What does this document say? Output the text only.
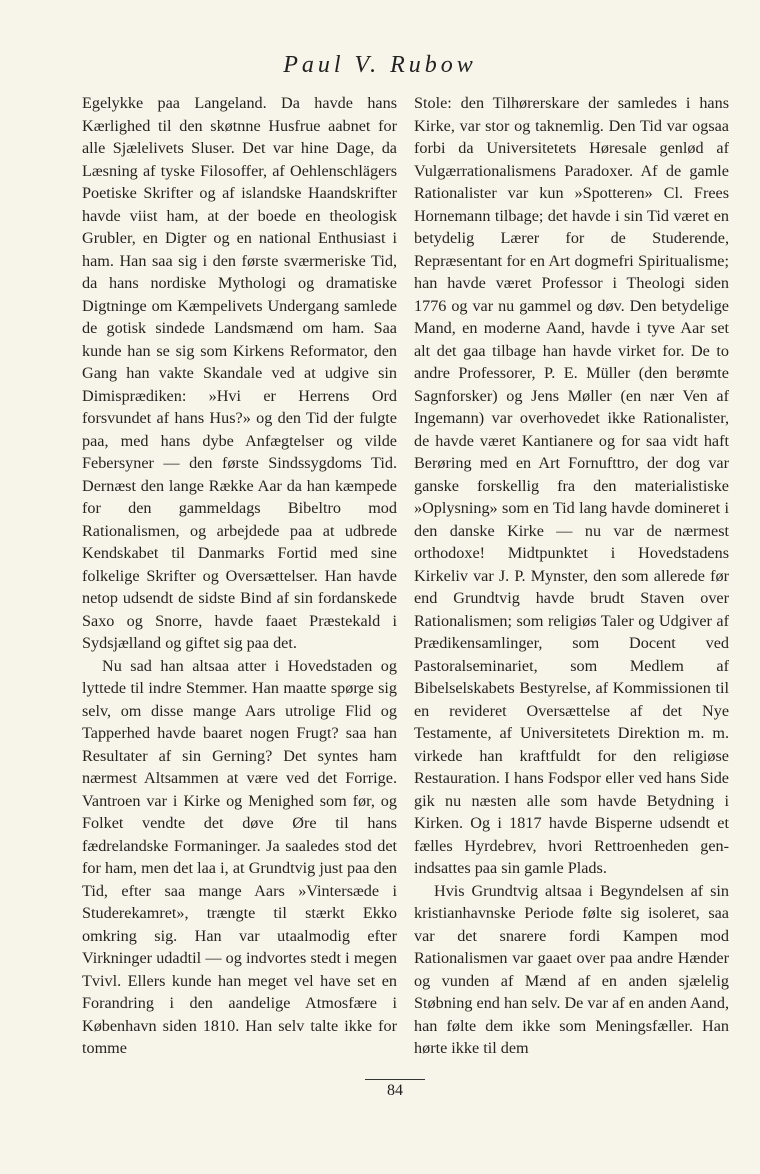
Paul V. Rubow

Egelykke paa Langeland. Da havde hans Kærlighed til den skøtnne Husfrue aabnet for alle Sjælelivets Sluser. Det var hine Dage, da Læsning af tyske Filosoffer, af Oehlenschlägers Poetiske Skrifter og af islandske Haandskrifter havde viist ham, at der boede en theologisk Grubler, en Digter og en national Enthusiast i ham. Han saa sig i den første sværmeriske Tid, da hans nordiske Mythologi og dramatiske Digtninge om Kæmpelivets Undergang samlede de gotisk sindede Landsmænd om ham. Saa kunde han se sig som Kirkens Reformator, den Gang han vakte Skandale ved at udgive sin Dimisprædiken: »Hvi er Herrens Ord forsvundet af hans Hus?» og den Tid der fulgte paa, med hans dybe Anfægtelser og vilde Febersyner — den første Sindssygdoms Tid. Dernæst den lange Række Aar da han kæmpede for den gammeldags Bibeltro mod Rationalismen, og arbejdede paa at udbrede Kendskabet til Danmarks Fortid med sine folkelige Skrifter og Oversættelser. Han havde netop udsendt de sidste Bind af sin fordanskede Saxo og Snorre, havde faaet Præstekald i Sydsjælland og giftet sig paa det.

Nu sad han altsaa atter i Hovedstaden og lyttede til indre Stemmer. Han maatte spørge sig selv, om disse mange Aars utrolige Flid og Tapperhed havde baaret nogen Frugt? saa han Resultater af sin Gerning? Det syntes ham nærmest Altsammen at være ved det Forrige. Vantroen var i Kirke og Menighed som før, og Folket vendte det døve Øre til hans fædrelandske Formaninger. Ja saaledes stod det for ham, men det laa i, at Grundtvig just paa den Tid, efter saa mange Aars »Vintersæde i Studerekamret», trængte til stærkt Ekko omkring sig. Han var utaalmodig efter Virkninger udadtil — og indvortes stedt i megen Tvivl. Ellers kunde han meget vel have set en Forandring i den aandelige Atmosfære i København siden 1810. Han selv talte ikke for tomme

Stole: den Tilhørerskare der samledes i hans Kirke, var stor og taknemlig. Den Tid var ogsaa forbi da Universitetets Høresale genlød af Vulgærrationalismens Paradoxer. Af de gamle Rationalister var kun »Spotteren» Cl. Frees Hornemann tilbage; det havde i sin Tid været en betydelig Lærer for de Studerende, Repræsentant for en Art dogmefri Spiritualisme; han havde været Professor i Theologi siden 1776 og var nu gammel og døv. Den betydelige Mand, en moderne Aand, havde i tyve Aar set alt det gaa tilbage han havde virket for. De to andre Professorer, P. E. Müller (den berømte Sagnforsker) og Jens Møller (en nær Ven af Ingemann) var overhovedet ikke Rationalister, de havde været Kantianere og for saa vidt haft Berøring med en Art Fornufttro, der dog var ganske forskellig fra den materialistiske »Oplysning» som en Tid lang havde domineret i den danske Kirke — nu var de nærmest orthodoxe! Midtpunktet i Hovedstadens Kirkeliv var J. P. Mynster, den som allerede før end Grundtvig havde brudt Staven over Rationalismen; som religiøs Taler og Udgiver af Prædikensamlinger, som Docent ved Pastoralseminariet, som Medlem af Bibelselskabets Bestyrelse, af Kommissionen til en revideret Oversættelse af det Nye Testamente, af Universitetets Direktion m. m. virkede han kraftfuldt for den religiøse Restauration. I hans Fodspor eller ved hans Side gik nu næsten alle som havde Betydning i Kirken. Og i 1817 havde Bisperne udsendt et fælles Hyrdebrev, hvori Rettroenheden genindsattes paa sin gamle Plads.

Hvis Grundtvig altsaa i Begyndelsen af sin kristianhavnske Periode følte sig isoleret, saa var det snarere fordi Kampen mod Rationalismen var gaaet over paa andre Hænder og vunden af Mænd af en anden sjælelig Støbning end han selv. De var af en anden Aand, han følte dem ikke som Meningsfæller. Han hørte ikke til dem

84
